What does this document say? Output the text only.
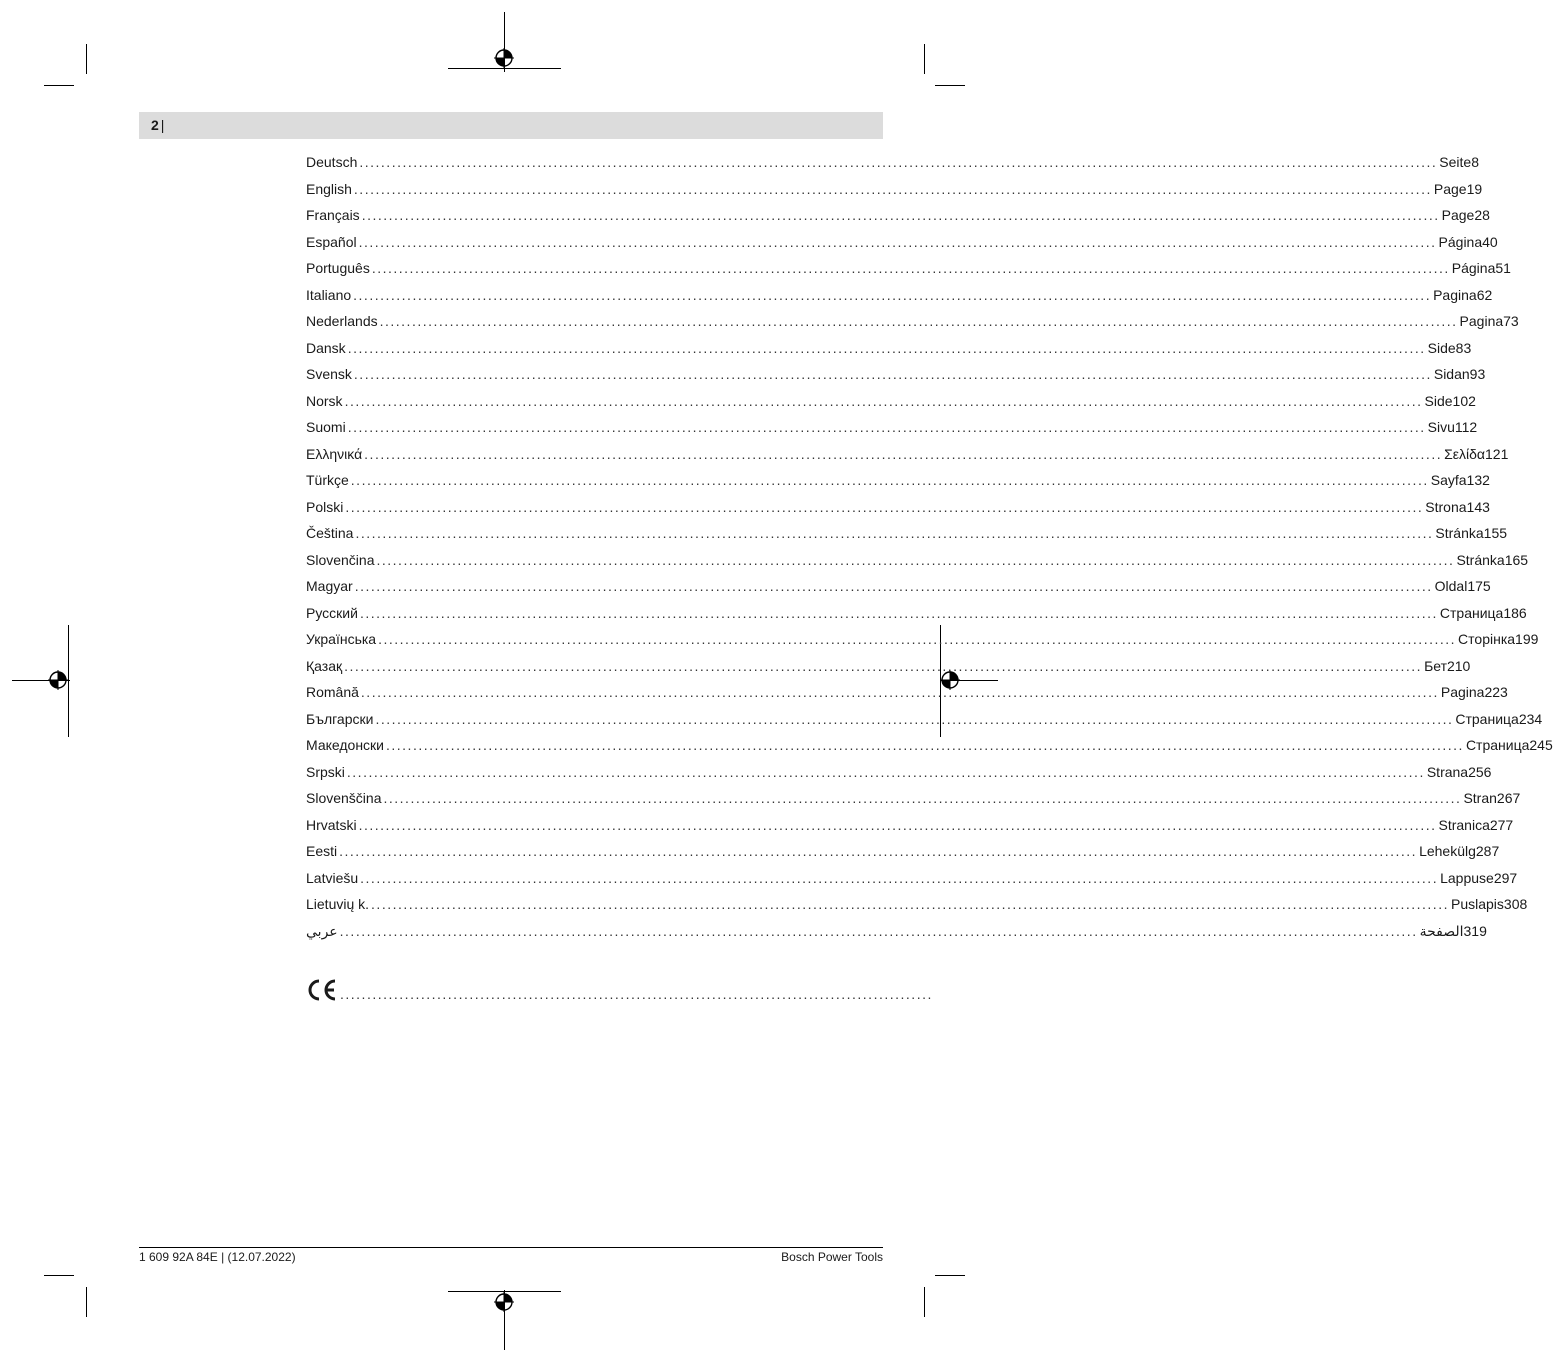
2 |
Deutsch ........................................................................................................................................................................................................ Seite 8
English ........................................................................................................................................................................................................ Page 19
Français ........................................................................................................................................................................................................ Page 28
Español ........................................................................................................................................................................................................ Página 40
Português ........................................................................................................................................................................................................ Página 51
Italiano ........................................................................................................................................................................................................ Pagina 62
Nederlands ........................................................................................................................................................................................................ Pagina 73
Dansk ........................................................................................................................................................................................................ Side 83
Svensk ........................................................................................................................................................................................................ Sidan 93
Norsk ........................................................................................................................................................................................................ Side 102
Suomi ........................................................................................................................................................................................................ Sivu 112
Ελληνικά ........................................................................................................................................................................................................ Σελίδα 121
Türkçe ........................................................................................................................................................................................................ Sayfa 132
Polski ........................................................................................................................................................................................................ Strona 143
Čeština ........................................................................................................................................................................................................ Stránka 155
Slovenčina ........................................................................................................................................................................................................ Stránka 165
Magyar ........................................................................................................................................................................................................ Oldal 175
Русский ........................................................................................................................................................................................................ Страница 186
Українська ........................................................................................................................................................................................................ Сторінка 199
Қазақ ........................................................................................................................................................................................................ Бет 210
Română ........................................................................................................................................................................................................ Pagina 223
Български ........................................................................................................................................................................................................ Страница 234
Македонски ........................................................................................................................................................................................................ Страница 245
Srpski ........................................................................................................................................................................................................ Strana 256
Slovenščina ........................................................................................................................................................................................................ Stran 267
Hrvatski ........................................................................................................................................................................................................ Stranica 277
Eesti ........................................................................................................................................................................................................ Lehekülg 287
Latviešu ........................................................................................................................................................................................................ Lappuse 297
Lietuvių k. ........................................................................................................................................................................................................ Puslapis 308
عربي ........................................................................................................................................................................................................ الصفحة 319
..............................................................................................................
1 609 92A 84E | (12.07.2022)	Bosch Power Tools
